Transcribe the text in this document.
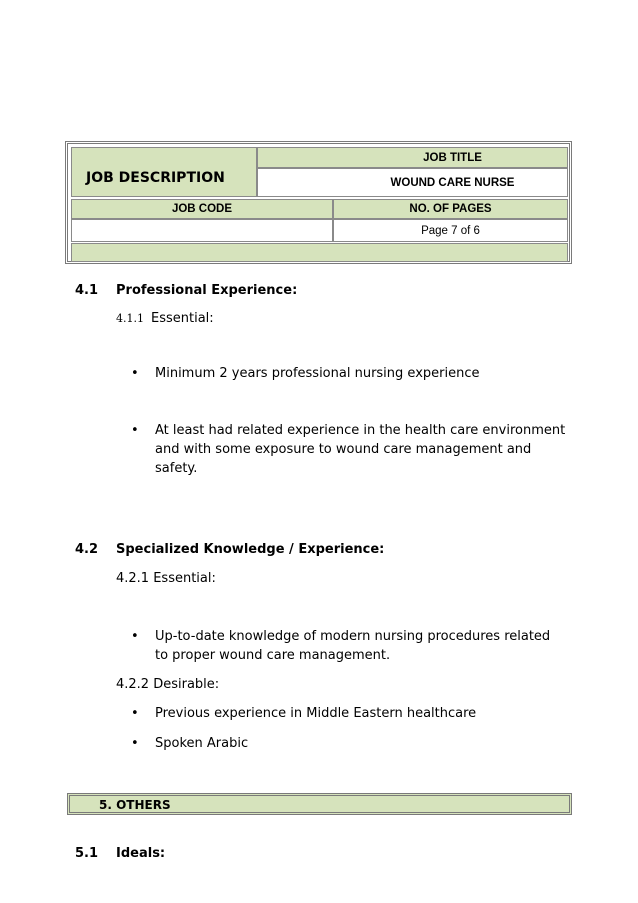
JOB DESCRIPTION
JOB TITLE
WOUND CARE NURSE
JOB CODE	NO. OF PAGES
Page 7 of 6
4.1 Professional Experience:
4.1.1 Essential:
• Minimum 2 years professional nursing experience
• At least had related experience in the health care environment
and with some exposure to wound care management and
safety.
4.2 Specialized Knowledge / Experience:
4.2.1 Essential:
• Up-to-date knowledge of modern nursing procedures related
to proper wound care management.
4.2.2 Desirable:
• Previous experience in Middle Eastern healthcare
• Spoken Arabic
5. OTHERS
5.1 Ideals:
